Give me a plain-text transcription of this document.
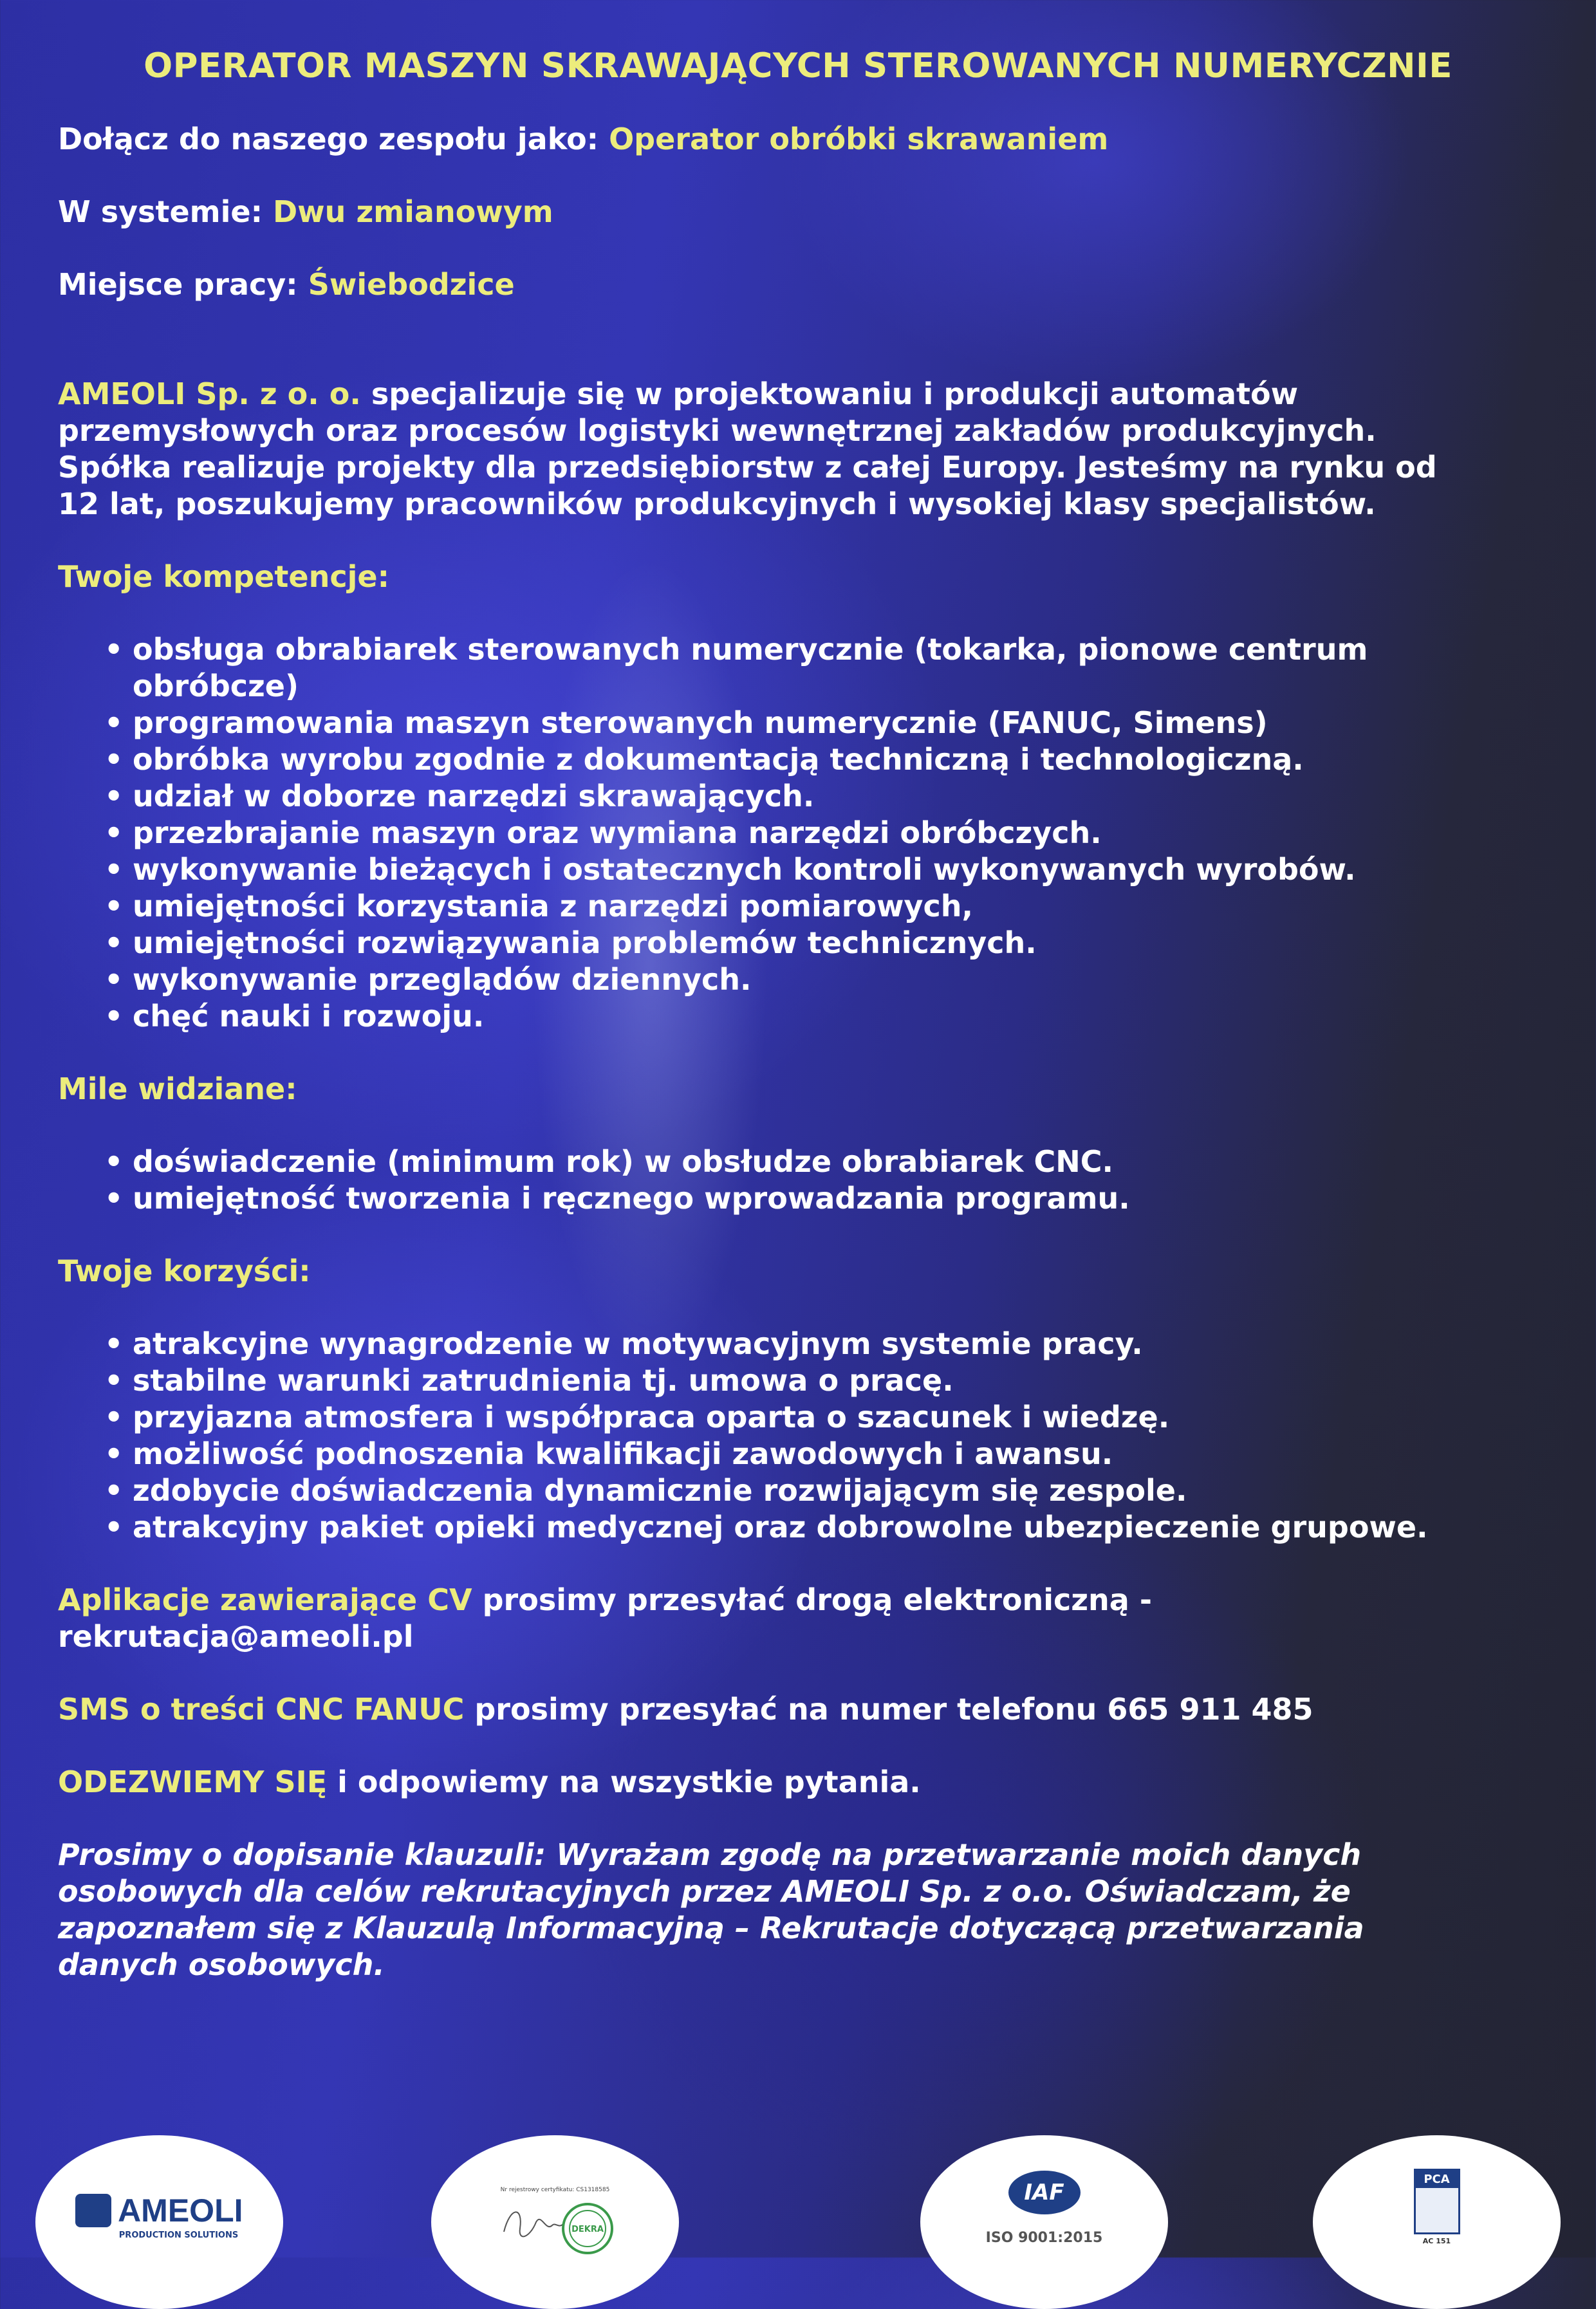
OPERATOR MASZYN SKRAWAJĄCYCH STEROWANYCH NUMERYCZNIE

Dołącz do naszego zespołu jako: Operator obróbki skrawaniem

W systemie: Dwu zmianowym

Miejsce pracy: Świebodzice

AMEOLI Sp. z o. o. specjalizuje się w projektowaniu i produkcji automatów

przemysłowych oraz procesów logistyki wewnętrznej zakładów produkcyjnych.

Spółka realizuje projekty dla przedsiębiorstw z całej Europy. Jesteśmy na rynku od

12 lat, poszukujemy pracowników produkcyjnych i wysokiej klasy specjalistów.

Twoje kompetencje:

• obsługa obrabiarek sterowanych numerycznie (tokarka, pionowe centrum
obróbcze)
• programowania maszyn sterowanych numerycznie (FANUC, Simens)
• obróbka wyrobu zgodnie z dokumentacją techniczną i technologiczną.
• udział w doborze narzędzi skrawających.
• przezbrajanie maszyn oraz wymiana narzędzi obróbczych.
• wykonywanie bieżących i ostatecznych kontroli wykonywanych wyrobów.
• umiejętności korzystania z narzędzi pomiarowych,
• umiejętności rozwiązywania problemów technicznych.
• wykonywanie przeglądów dziennych.
• chęć nauki i rozwoju.

Mile widziane:

• doświadczenie (minimum rok) w obsłudze obrabiarek CNC.
• umiejętność tworzenia i ręcznego wprowadzania programu.

Twoje korzyści:

• atrakcyjne wynagrodzenie w motywacyjnym systemie pracy.
• stabilne warunki zatrudnienia tj. umowa o pracę.
• przyjazna atmosfera i współpraca oparta o szacunek i wiedzę.
• możliwość podnoszenia kwalifikacji zawodowych i awansu.
• zdobycie doświadczenia dynamicznie rozwijającym się zespole.
• atrakcyjny pakiet opieki medycznej oraz dobrowolne ubezpieczenie grupowe.

Aplikacje zawierające CV prosimy przesyłać drogą elektroniczną -

rekrutacja@ameoli.pl

SMS o treści CNC FANUC prosimy przesyłać na numer telefonu 665 911 485

ODEZWIEMY SIĘ i odpowiemy na wszystkie pytania.

Prosimy o dopisanie klauzuli: Wyrażam zgodę na przetwarzanie moich danych

osobowych dla celów rekrutacyjnych przez AMEOLI Sp. z o.o. Oświadczam, że

zapoznałem się z Klauzulą Informacyjną – Rekrutacje dotyczącą przetwarzania

danych osobowych.

AMEOLI
PRODUCTION SOLUTIONS
Nr rejestrowy certyfikatu: CS1318585
DEKRA
IAF
ISO 9001:2015
PCA
AC 151
